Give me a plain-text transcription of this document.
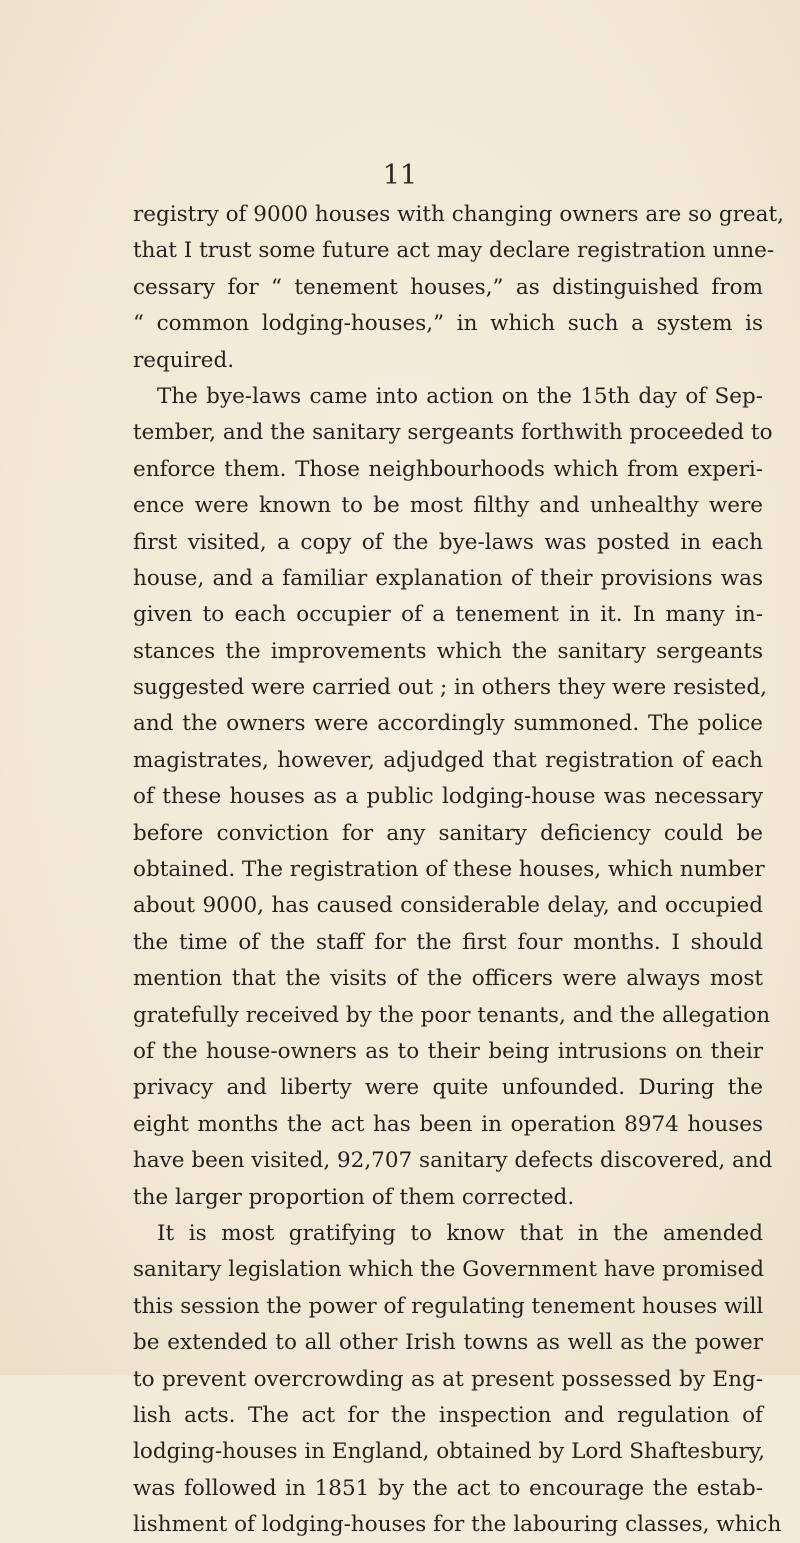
11
registry of 9000 houses with changing owners are so great,
that I trust some future act may declare registration unne-
cessary for “ tenement houses,” as distinguished from
“ common lodging-houses,” in which such a system is
required.
The bye-laws came into action on the 15th day of Sep-
tember, and the sanitary sergeants forthwith proceeded to
enforce them. Those neighbourhoods which from experi-
ence were known to be most filthy and unhealthy were
first visited, a copy of the bye-laws was posted in each
house, and a familiar explanation of their provisions was
given to each occupier of a tenement in it. In many in-
stances the improvements which the sanitary sergeants
suggested were carried out ; in others they were resisted,
and the owners were accordingly summoned. The police
magistrates, however, adjudged that registration of each
of these houses as a public lodging-house was necessary
before conviction for any sanitary deficiency could be
obtained. The registration of these houses, which number
about 9000, has caused considerable delay, and occupied
the time of the staff for the first four months. I should
mention that the visits of the officers were always most
gratefully received by the poor tenants, and the allegation
of the house-owners as to their being intrusions on their
privacy and liberty were quite unfounded. During the
eight months the act has been in operation 8974 houses
have been visited, 92,707 sanitary defects discovered, and
the larger proportion of them corrected.
It is most gratifying to know that in the amended
sanitary legislation which the Government have promised
this session the power of regulating tenement houses will
be extended to all other Irish towns as well as the power
to prevent overcrowding as at present possessed by Eng-
lish acts. The act for the inspection and regulation of
lodging-houses in England, obtained by Lord Shaftesbury,
was followed in 1851 by the act to encourage the estab-
lishment of lodging-houses for the labouring classes, which
